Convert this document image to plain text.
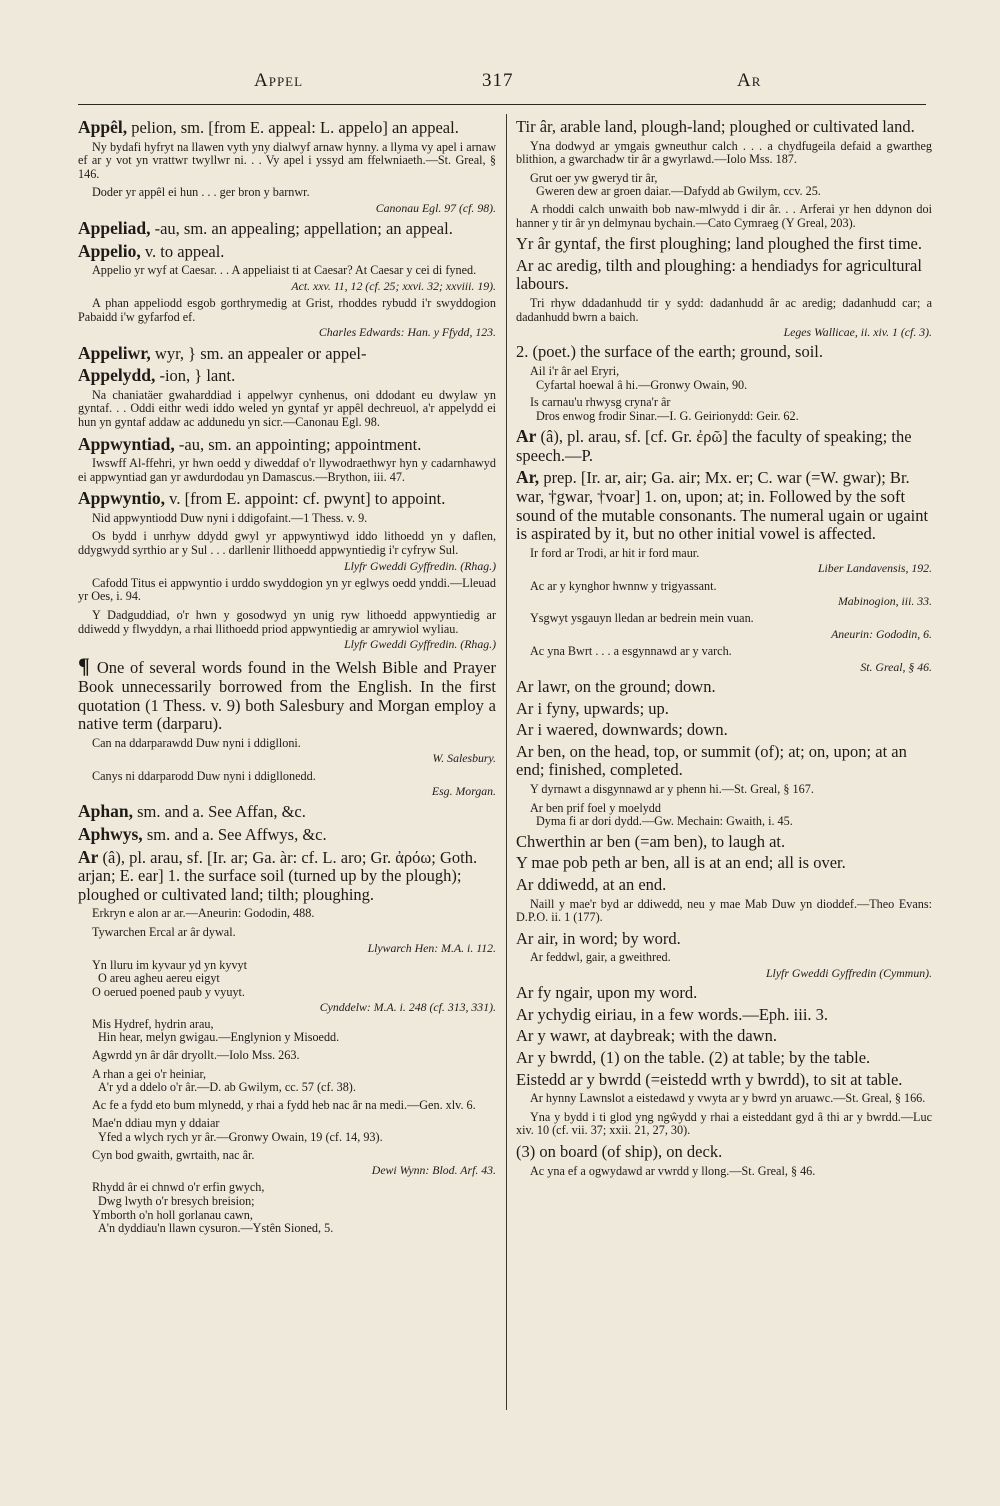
Appel	317	Ar
Appêl, pelion, sm. [from E. appeal: L. appelo] an appeal.
Ny bydafi hyfryt na llawen vyth yny dialwyf arnaw hynny. a llyma vy apel i arnaw ef ar y vot yn vrattwr twyllwr ni. . . Vy apel i yssyd am ffelwniaeth.—St. Greal, § 146.
Doder yr appêl ei hun . . . ger bron y barnwr.
Canonau Egl. 97 (cf. 98).
Appeliad, -au, sm. an appealing; appellation; an appeal.
Appelio, v. to appeal.
Appelio yr wyf at Caesar. . . A appeliaist ti at Caesar? At Caesar y cei di fyned.
Act. xxv. 11, 12 (cf. 25; xxvi. 32; xxviii. 19).
A phan appeliodd esgob gorthrymedig at Grist, rhoddes rybudd i'r swyddogion Pabaidd i'w gyfarfod ef.
Charles Edwards: Han. y Ffydd, 123.
Appeliwr, wyr, } sm. an appealer or appel-
Appelydd, -ion, } lant.
Na chaniatäer gwaharddiad i appelwyr cynhenus, oni ddodant eu dwylaw yn gyntaf. . . Oddi eithr wedi iddo weled yn gyntaf yr appêl dechreuol, a'r appelydd ei hun yn gyntaf addaw ac addunedu yn sicr.—Canonau Egl. 98.
Appwyntiad, -au, sm. an appointing; appointment.
Iwswff Al-ffehri, yr hwn oedd y diweddaf o'r llywodraethwyr hyn y cadarnhawyd ei appwyntiad gan yr awdurdodau yn Damascus.—Brython, iii. 47.
Appwyntio, v. [from E. appoint: cf. pwynt] to appoint.
Nid appwyntiodd Duw nyni i ddigofaint.—1 Thess. v. 9.
Os bydd i unrhyw ddydd gwyl yr appwyntiwyd iddo lithoedd yn y daflen, ddygwydd syrthio ar y Sul . . . darllenir llithoedd appwyntiedig i'r cyfryw Sul.
Llyfr Gweddi Gyffredin. (Rhag.)
Cafodd Titus ei appwyntio i urddo swyddogion yn yr eglwys oedd ynddi.—Lleuad yr Oes, i. 94.
Y Dadguddiad, o'r hwn y gosodwyd yn unig ryw lithoedd appwyntiedig ar ddiwedd y flwyddyn, a rhai llithoedd priod appwyntiedig ar amrywiol wyliau.
Llyfr Gweddi Gyffredin. (Rhag.)
¶ One of several words found in the Welsh Bible and Prayer Book unnecessarily borrowed from the English. In the first quotation (1 Thess. v. 9) both Salesbury and Morgan employ a native term (darparu).
Can na ddarparawdd Duw nyni i ddiglloni.
W. Salesbury.
Canys ni ddarparodd Duw nyni i ddigllonedd.
Esg. Morgan.
Aphan, sm. and a. See Affan, &c.
Aphwys, sm. and a. See Affwys, &c.
Ar (â), pl. arau, sf. [Ir. ar; Ga. àr: cf. L. aro; Gr. ἀρόω; Goth. arjan; E. ear] 1. the surface soil (turned up by the plough); ploughed or cultivated land; tilth; ploughing.
Erkryn e alon ar ar.—Aneurin: Gododin, 488.
Tywarchen Ercal ar âr dywal.
Llywarch Hen: M.A. i. 112.
Yn lluru im kyvaur yd yn kyvyt
O areu agheu aereu eigyt
O oerued poened paub y vyuyt.
Cynddelw: M.A. i. 248 (cf. 313, 331).
Mis Hydref, hydrin arau,
Hin hear, melyn gwigau.—Englynion y Misoedd.
Agwrdd yn âr dâr dryollt.—Iolo Mss. 263.
A rhan a gei o'r heiniar,
A'r yd a ddelo o'r âr.—D. ab Gwilym, cc. 57 (cf. 38).
Ac fe a fydd eto bum mlynedd, y rhai a fydd heb nac âr na medi.—Gen. xlv. 6.
Mae'n ddiau myn y ddaiar
Yfed a wlych rych yr âr.—Gronwy Owain, 19 (cf. 14, 93).
Cyn bod gwaith, gwrtaith, nac âr.
Dewi Wynn: Blod. Arf. 43.
Rhydd âr ei chnwd o'r erfin gwych,
Dwg lwyth o'r bresych breision;
Ymborth o'n holl gorlanau cawn,
A'n dyddiau'n llawn cysuron.—Ystên Sioned, 5.
Tir âr, arable land, plough-land; ploughed or cultivated land.
Yna dodwyd ar ymgais gwneuthur calch . . . a chydfugeila defaid a gwartheg blithion, a gwarchadw tir âr a gwyrlawd.—Iolo Mss. 187.
Grut oer yw gweryd tir âr,
Gweren dew ar groen daiar.—Dafydd ab Gwilym, ccv. 25.
A rhoddi calch unwaith bob naw-mlwydd i dir âr. . . Arferai yr hen ddynon doi hanner y tir âr yn delmynau bychain.—Cato Cymraeg (Y Greal, 203).
Yr âr gyntaf, the first ploughing; land ploughed the first time.
Ar ac aredig, tilth and ploughing: a hendiadys for agricultural labours.
Tri rhyw ddadanhudd tir y sydd: dadanhudd âr ac aredig; dadanhudd car; a dadanhudd bwrn a baich.
Leges Wallicae, ii. xiv. 1 (cf. 3).
2. (poet.) the surface of the earth; ground, soil.
Ail i'r âr ael Eryri,
Cyfartal hoewal â hi.—Gronwy Owain, 90.
Is carnau'u rhwysg cryna'r âr
Dros enwog frodir Sinar.—I. G. Geirionydd: Geir. 62.
Ar (â), pl. arau, sf. [cf. Gr. ἐρῶ] the faculty of speaking; the speech.—P.
Ar, prep. [Ir. ar, air; Ga. air; Mx. er; C. war (=W. gwar); Br. war, †gwar, †voar] 1. on, upon; at; in. Followed by the soft sound of the mutable consonants. The numeral ugain or ugaint is aspirated by it, but no other initial vowel is affected.
Ir ford ar Trodi, ar hit ir ford maur.
Liber Landavensis, 192.
Ac ar y kynghor hwnnw y trigyassant.
Mabinogion, iii. 33.
Ysgwyt ysgauyn lledan ar bedrein mein vuan.
Aneurin: Gododin, 6.
Ac yna Bwrt . . . a esgynnawd ar y varch.
St. Greal, § 46.
Ar lawr, on the ground; down.
Ar i fyny, upwards; up.
Ar i waered, downwards; down.
Ar ben, on the head, top, or summit (of); at; on, upon; at an end; finished, completed.
Y dyrnawt a disgynnawd ar y phenn hi.—St. Greal, § 167.
Ar ben prif foel y moelydd
Dyma fi ar dori dydd.—Gw. Mechain: Gwaith, i. 45.
Chwerthin ar ben (=am ben), to laugh at.
Y mae pob peth ar ben, all is at an end; all is over.
Ar ddiwedd, at an end.
Naill y mae'r byd ar ddiwedd, neu y mae Mab Duw yn dioddef.—Theo Evans: D.P.O. ii. 1 (177).
Ar air, in word; by word.
Ar feddwl, gair, a gweithred.
Llyfr Gweddi Gyffredin (Cymmun).
Ar fy ngair, upon my word.
Ar ychydig eiriau, in a few words.—Eph. iii. 3.
Ar y wawr, at daybreak; with the dawn.
Ar y bwrdd, (1) on the table. (2) at table; by the table.
Eistedd ar y bwrdd (=eistedd wrth y bwrdd), to sit at table.
Ar hynny Lawnslot a eistedawd y vwyta ar y bwrd yn aruawc.—St. Greal, § 166.
Yna y bydd i ti glod yng ngŵydd y rhai a eisteddant gyd â thi ar y bwrdd.—Luc xiv. 10 (cf. vii. 37; xxii. 21, 27, 30).
(3) on board (of ship), on deck.
Ac yna ef a ogwydawd ar vwrdd y llong.—St. Greal, § 46.
